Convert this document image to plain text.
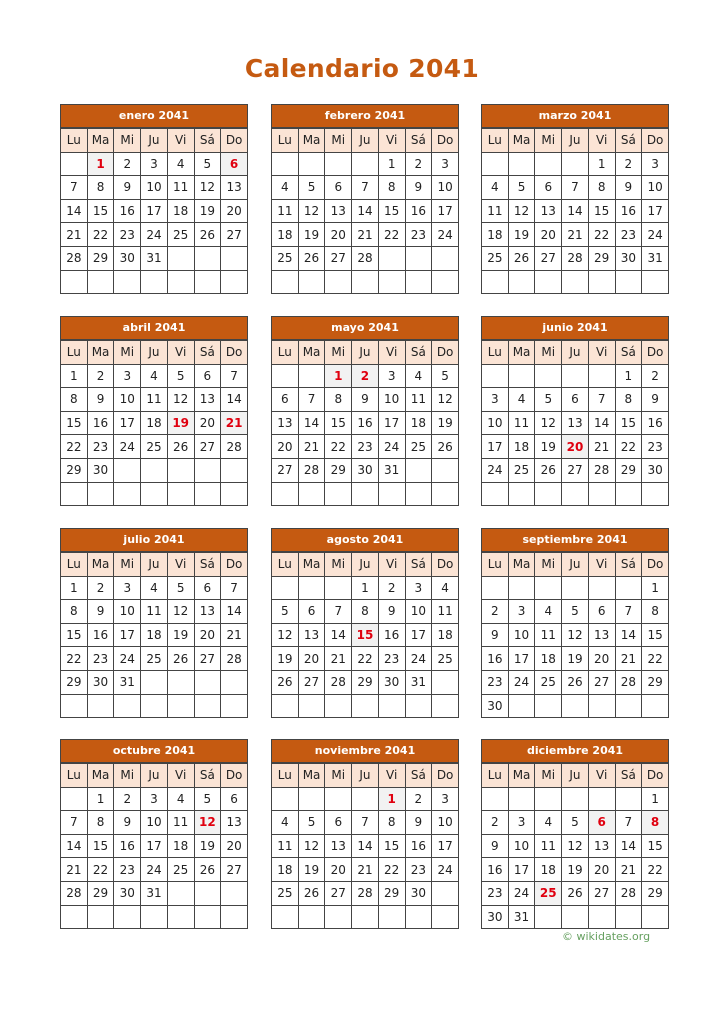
Calendario 2041
enero 2041
Lu	Ma	Mi	Ju	Vi	Sá	Do
	1	2	3	4	5	6
7	8	9	10	11	12	13
14	15	16	17	18	19	20
21	22	23	24	25	26	27
28	29	30	31			

febrero 2041
Lu	Ma	Mi	Ju	Vi	Sá	Do
				1	2	3
4	5	6	7	8	9	10
11	12	13	14	15	16	17
18	19	20	21	22	23	24
25	26	27	28			

marzo 2041
Lu	Ma	Mi	Ju	Vi	Sá	Do
				1	2	3
4	5	6	7	8	9	10
11	12	13	14	15	16	17
18	19	20	21	22	23	24
25	26	27	28	29	30	31

abril 2041
Lu	Ma	Mi	Ju	Vi	Sá	Do
1	2	3	4	5	6	7
8	9	10	11	12	13	14
15	16	17	18	19	20	21
22	23	24	25	26	27	28
29	30					

mayo 2041
Lu	Ma	Mi	Ju	Vi	Sá	Do
		1	2	3	4	5
6	7	8	9	10	11	12
13	14	15	16	17	18	19
20	21	22	23	24	25	26
27	28	29	30	31		

junio 2041
Lu	Ma	Mi	Ju	Vi	Sá	Do
					1	2
3	4	5	6	7	8	9
10	11	12	13	14	15	16
17	18	19	20	21	22	23
24	25	26	27	28	29	30

julio 2041
Lu	Ma	Mi	Ju	Vi	Sá	Do
1	2	3	4	5	6	7
8	9	10	11	12	13	14
15	16	17	18	19	20	21
22	23	24	25	26	27	28
29	30	31				

agosto 2041
Lu	Ma	Mi	Ju	Vi	Sá	Do
			1	2	3	4
5	6	7	8	9	10	11
12	13	14	15	16	17	18
19	20	21	22	23	24	25
26	27	28	29	30	31	

septiembre 2041
Lu	Ma	Mi	Ju	Vi	Sá	Do
						1
2	3	4	5	6	7	8
9	10	11	12	13	14	15
16	17	18	19	20	21	22
23	24	25	26	27	28	29
30						
octubre 2041
Lu	Ma	Mi	Ju	Vi	Sá	Do
	1	2	3	4	5	6
7	8	9	10	11	12	13
14	15	16	17	18	19	20
21	22	23	24	25	26	27
28	29	30	31			

noviembre 2041
Lu	Ma	Mi	Ju	Vi	Sá	Do
				1	2	3
4	5	6	7	8	9	10
11	12	13	14	15	16	17
18	19	20	21	22	23	24
25	26	27	28	29	30	

diciembre 2041
Lu	Ma	Mi	Ju	Vi	Sá	Do
						1
2	3	4	5	6	7	8
9	10	11	12	13	14	15
16	17	18	19	20	21	22
23	24	25	26	27	28	29
30	31					
© wikidates.org
